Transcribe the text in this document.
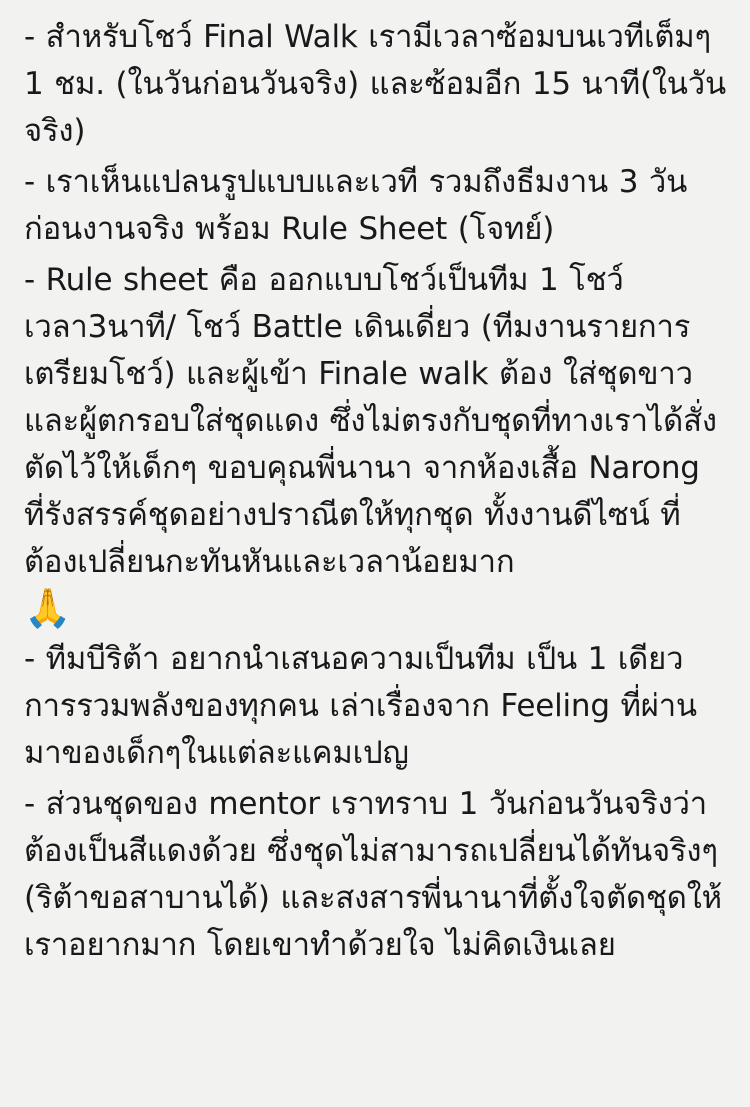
- สำหรับโชว์ Final Walk เรามีเวลาซ้อมบนเวทีเต็มๆ 1 ชม. (ในวันก่อนวันจริง) และซ้อมอีก 15 นาที(ในวันจริง)

- เราเห็นแปลนรูปแบบและเวที รวมถึงธีมงาน 3 วันก่อนงานจริง พร้อม Rule Sheet (โจทย์)

- Rule sheet คือ ออกแบบโชว์เป็นทีม 1 โชว์ เวลา3นาที/ โชว์ Battle เดินเดี่ยว (ทีมงานรายการเตรียมโชว์) และผู้เข้า Finale walk ต้อง ใส่ชุดขาว และผู้ตกรอบใส่ชุดแดง ซึ่งไม่ตรงกับชุดที่ทางเราได้สั่งตัดไว้ให้เด็กๆ ขอบคุณพี่นานา จากห้องเสื้อ Narong ที่รังสรรค์ชุดอย่างปราณีตให้ทุกชุด ทั้งงานดีไซน์ ที่ต้องเปลี่ยนกะทันหันและเวลาน้อยมาก

🙏

- ทีมบีริต้า อยากนำเสนอความเป็นทีม เป็น 1 เดียว การรวมพลังของทุกคน เล่าเรื่องจาก Feeling ที่ผ่านมาของเด็กๆในแต่ละแคมเปญ

- ส่วนชุดของ mentor เราทราบ 1 วันก่อนวันจริงว่าต้องเป็นสีแดงด้วย ซึ่งชุดไม่สามารถเปลี่ยนได้ทันจริงๆ (ริต้าขอสาบานได้) และสงสารพี่นานาที่ตั้งใจตัดชุดให้เราอยากมาก โดยเขาทำด้วยใจ ไม่คิดเงินเลย
